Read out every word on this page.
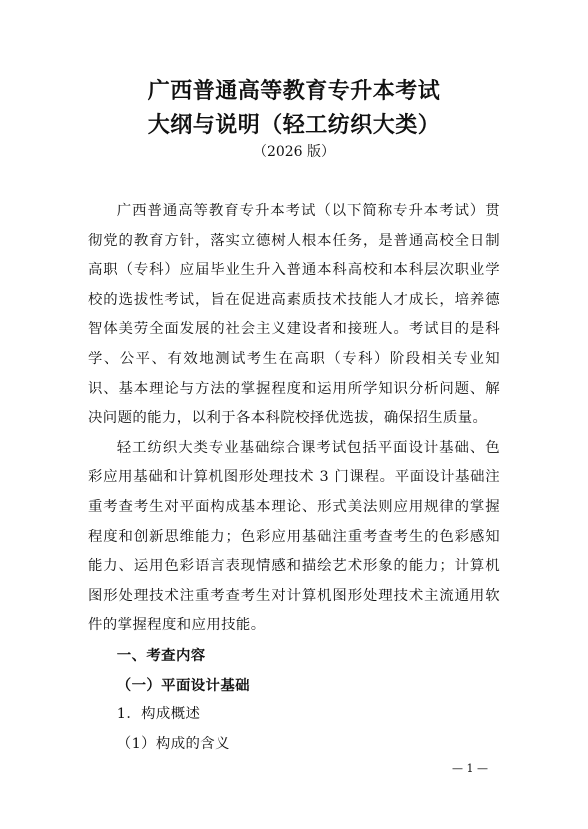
广西普通高等教育专升本考试
大纲与说明（轻工纺织大类）
（2026 版）

广西普通高等教育专升本考试（以下简称专升本考试）贯彻党的教育方针，落实立德树人根本任务，是普通高校全日制高职（专科）应届毕业生升入普通本科高校和本科层次职业学校的选拔性考试，旨在促进高素质技术技能人才成长，培养德智体美劳全面发展的社会主义建设者和接班人。考试目的是科学、公平、有效地测试考生在高职（专科）阶段相关专业知识、基本理论与方法的掌握程度和运用所学知识分析问题、解决问题的能力，以利于各本科院校择优选拔，确保招生质量。

轻工纺织大类专业基础综合课考试包括平面设计基础、色彩应用基础和计算机图形处理技术 3 门课程。平面设计基础注重考查考生对平面构成基本理论、形式美法则应用规律的掌握程度和创新思维能力；色彩应用基础注重考查考生的色彩感知能力、运用色彩语言表现情感和描绘艺术形象的能力；计算机图形处理技术注重考查考生对计算机图形处理技术主流通用软件的掌握程度和应用技能。

一、考查内容

（一）平面设计基础

1．构成概述

（1）构成的含义

— 1 —
